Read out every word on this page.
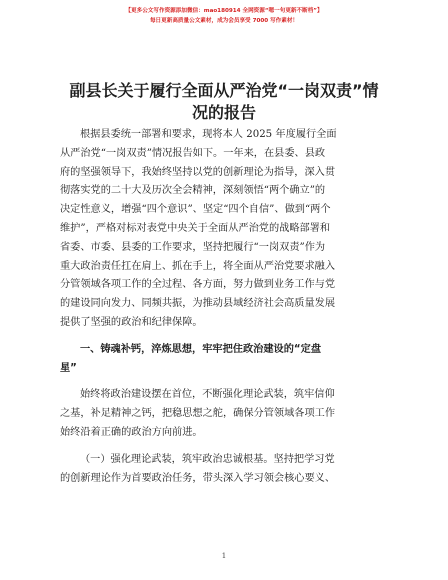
【更多公文写作资源添加微信：mao180914 全网资源“嗯一句更新不断档”】
每日更新高质量公文素材，成为会员享受 7000 写作素材！
副县长关于履行全面从严治党“一岗双责”情
况的报告

根据县委统一部署和要求，现将本人 2025 年度履行全面
从严治党“一岗双责”情况报告如下。一年来，在县委、县政
府的坚强领导下，我始终坚持以党的创新理论为指导，深入贯
彻落实党的二十大及历次全会精神，深刻领悟“两个确立”的
决定性意义，增强“四个意识”、坚定“四个自信”、做到“两个
维护”，严格对标对表党中央关于全面从严治党的战略部署和
省委、市委、县委的工作要求，坚持把履行“一岗双责”作为
重大政治责任扛在肩上、抓在手上，将全面从严治党要求融入
分管领域各项工作的全过程、各方面，努力做到业务工作与党
的建设同向发力、同频共振，为推动县域经济社会高质量发展
提供了坚强的政治和纪律保障。

一、铸魂补钙，淬炼思想，牢牢把住政治建设的“定盘
星”

始终将政治建设摆在首位，不断强化理论武装，筑牢信仰
之基，补足精神之钙，把稳思想之舵，确保分管领域各项工作
始终沿着正确的政治方向前进。

（一）强化理论武装，筑牢政治忠诚根基。坚持把学习党
的创新理论作为首要政治任务，带头深入学习领会核心要义、

1
